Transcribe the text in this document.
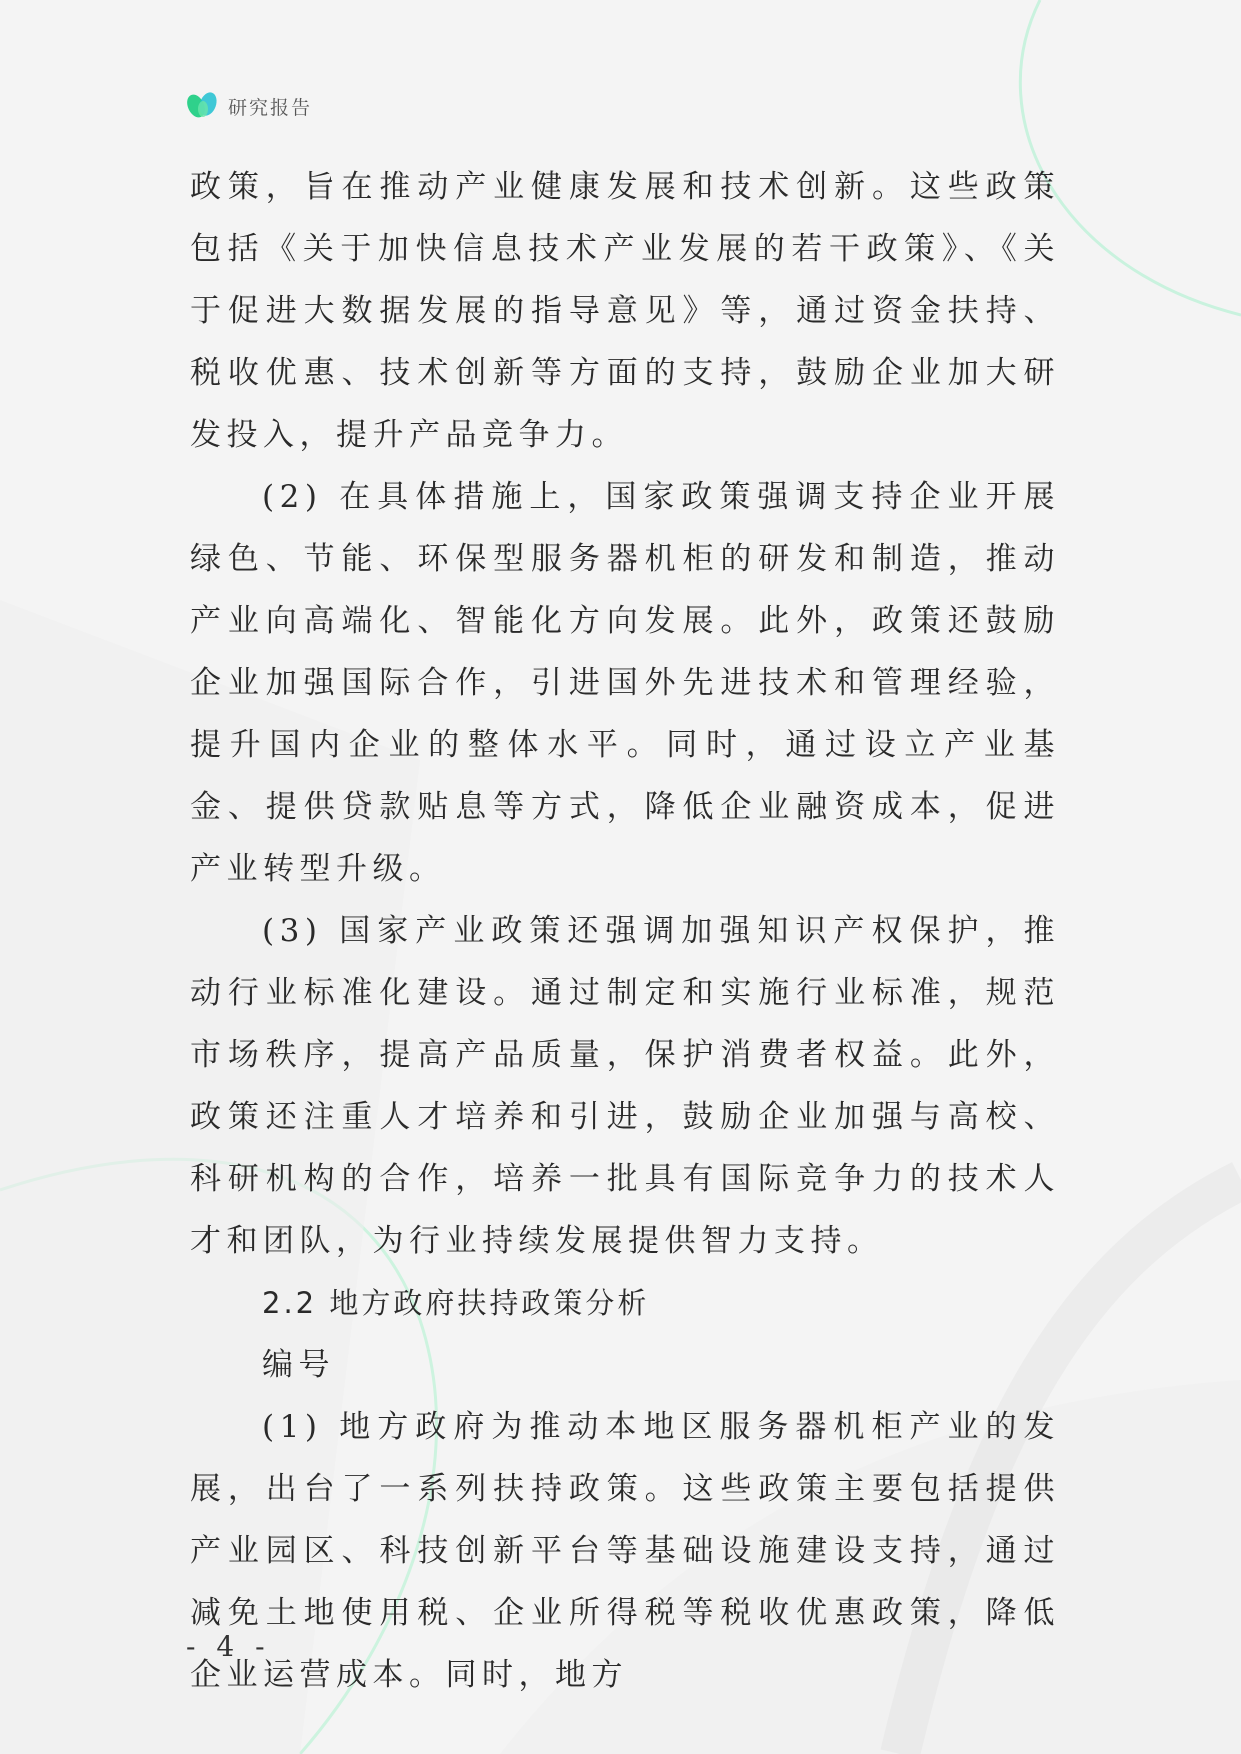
研究报告

政策，旨在推动产业健康发展和技术创新。这些政策包括《关于加快信息技术产业发展的若干政策》、《关于促进大数据发展的指导意见》等，通过资金扶持、税收优惠、技术创新等方面的支持，鼓励企业加大研发投入，提升产品竞争力。

(2) 在具体措施上，国家政策强调支持企业开展绿色、节能、环保型服务器机柜的研发和制造，推动产业向高端化、智能化方向发展。此外，政策还鼓励企业加强国际合作，引进国外先进技术和管理经验，提升国内企业的整体水平。同时，通过设立产业基金、提供贷款贴息等方式，降低企业融资成本，促进产业转型升级。

(3) 国家产业政策还强调加强知识产权保护，推动行业标准化建设。通过制定和实施行业标准，规范市场秩序，提高产品质量，保护消费者权益。此外，政策还注重人才培养和引进，鼓励企业加强与高校、科研机构的合作，培养一批具有国际竞争力的技术人才和团队，为行业持续发展提供智力支持。

2.2 地方政府扶持政策分析

编号

(1) 地方政府为推动本地区服务器机柜产业的发展，出台了一系列扶持政策。这些政策主要包括提供产业园区、科技创新平台等基础设施建设支持，通过减免土地使用税、企业所得税等税收优惠政策，降低企业运营成本。同时，地方

- 4 -
